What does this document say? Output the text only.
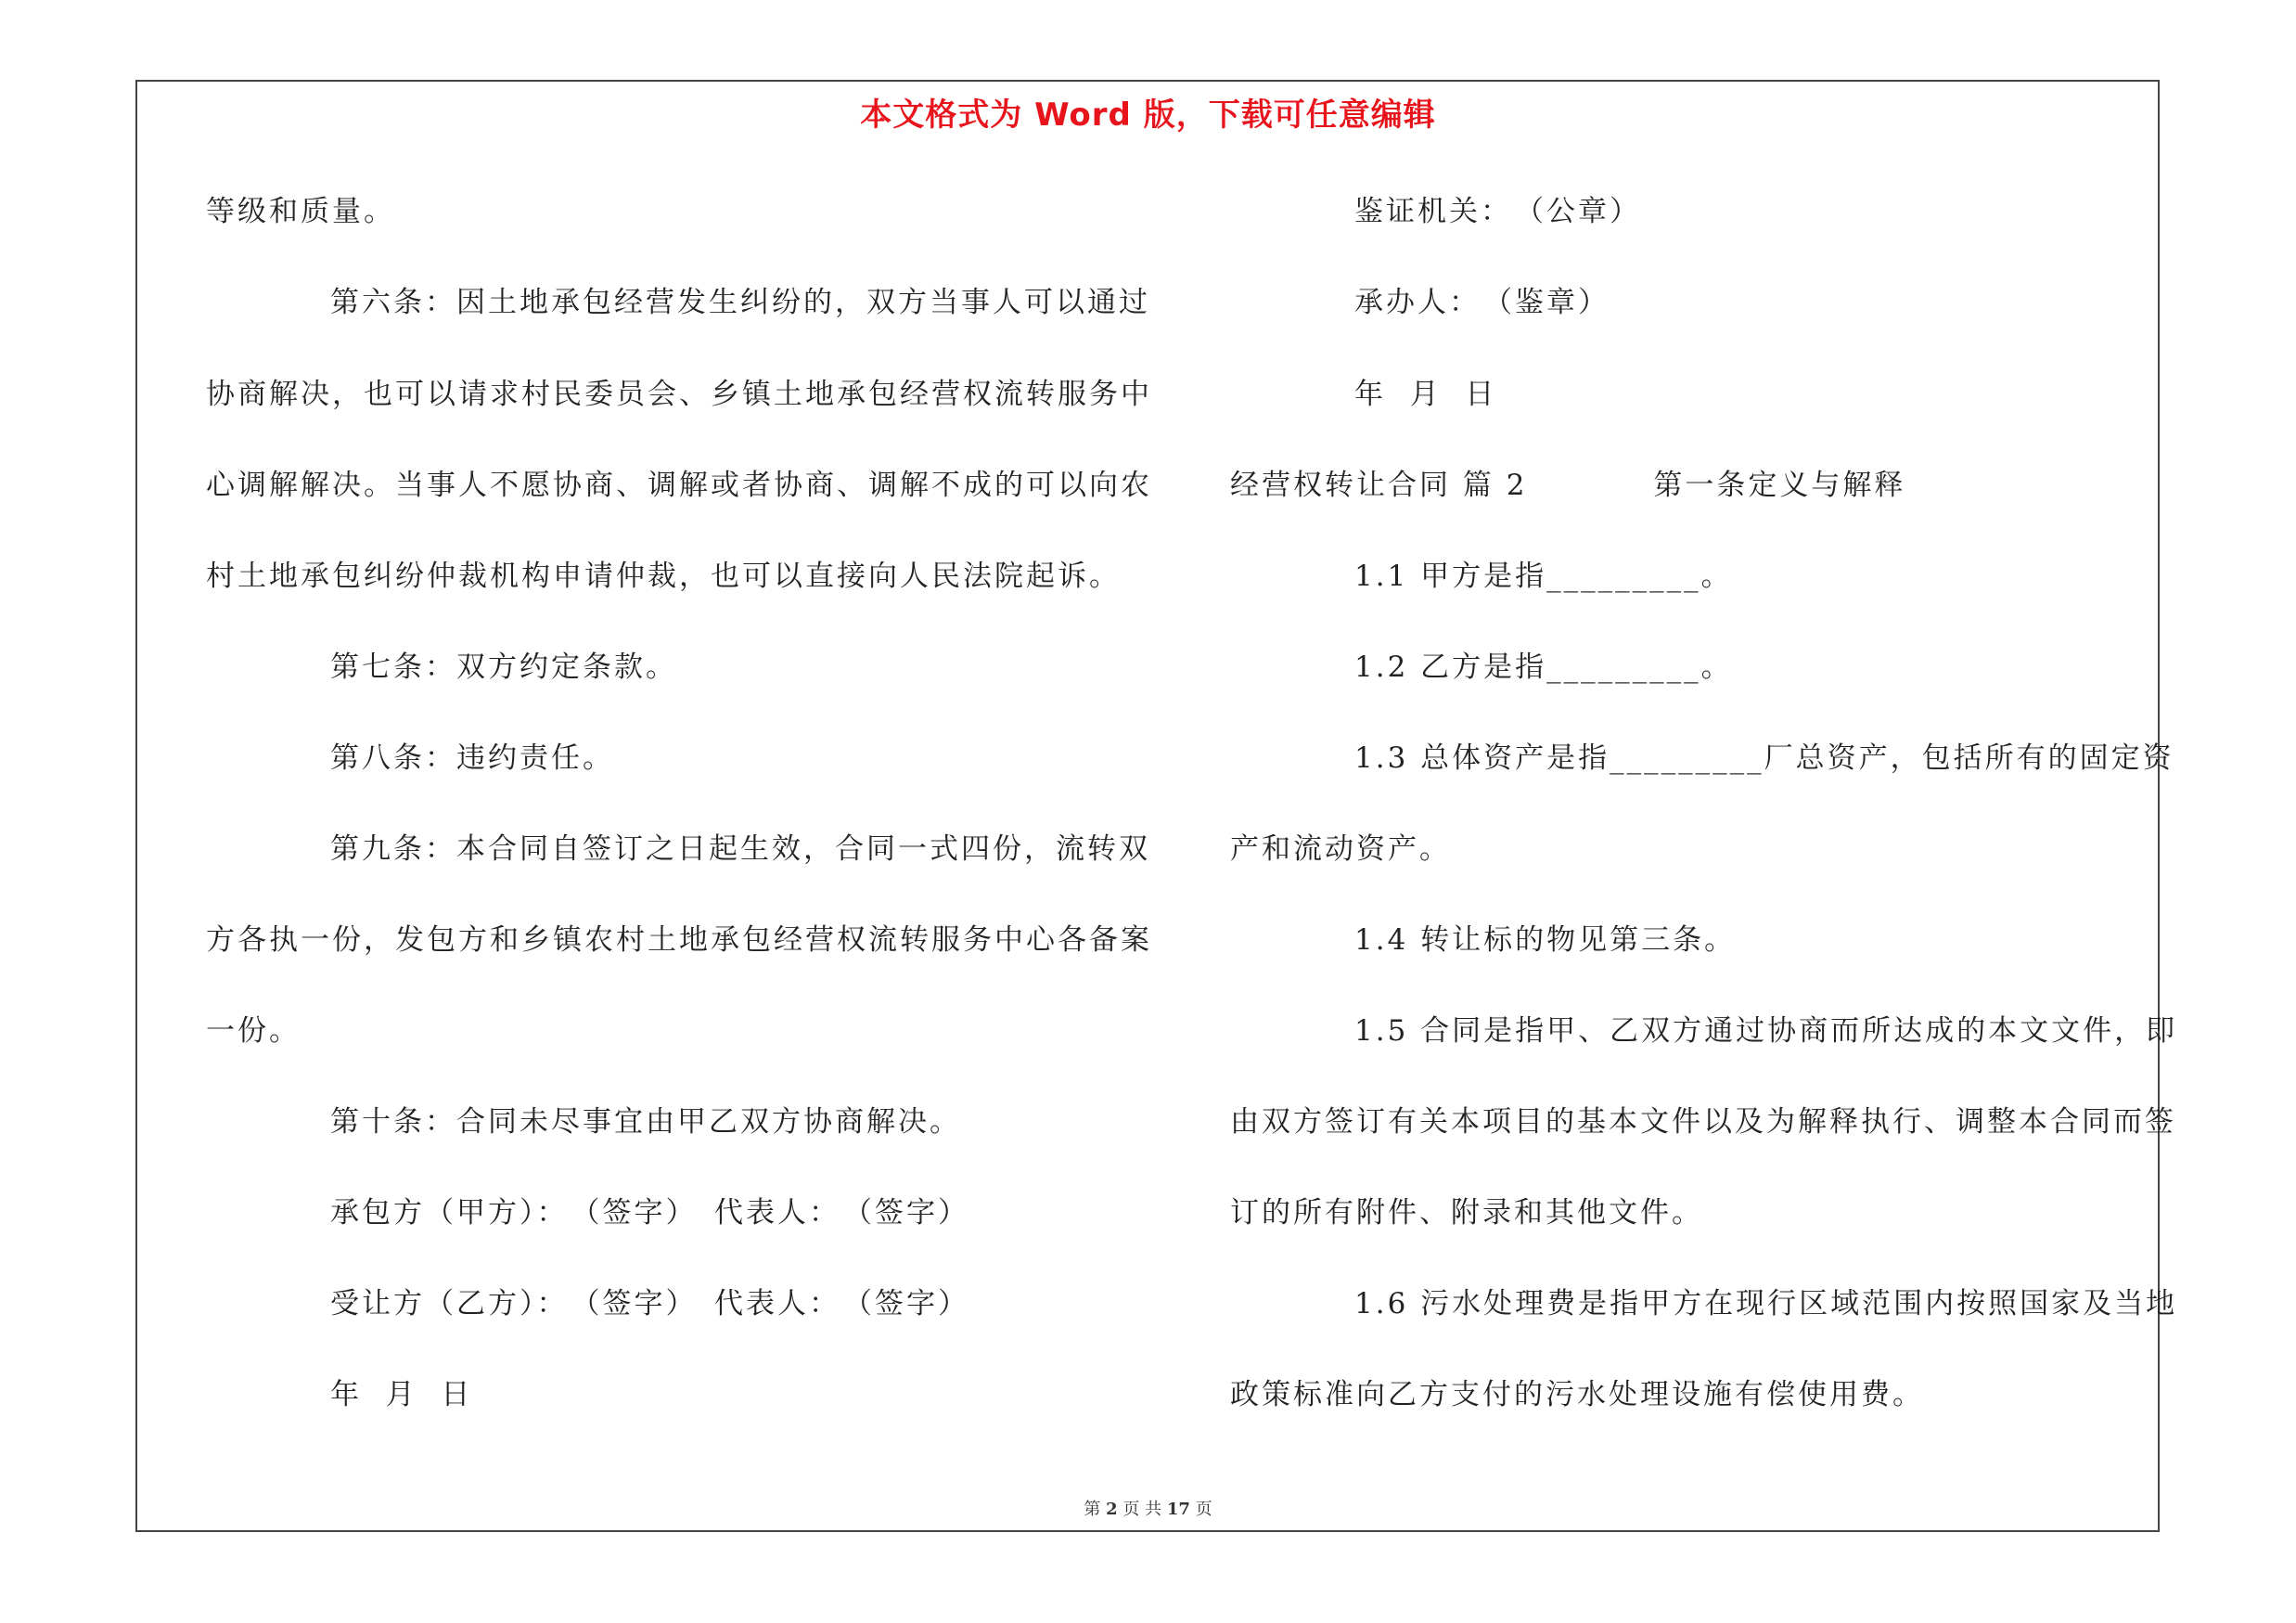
本文格式为 Word 版，下载可任意编辑
等级和质量。
第六条：因土地承包经营发生纠纷的，双方当事人可以通过
协商解决，也可以请求村民委员会、乡镇土地承包经营权流转服务中
心调解解决。当事人不愿协商、调解或者协商、调解不成的可以向农
村土地承包纠纷仲裁机构申请仲裁，也可以直接向人民法院起诉。
第七条：双方约定条款。
第八条：违约责任。
第九条：本合同自签订之日起生效，合同一式四份，流转双
方各执一份，发包方和乡镇农村土地承包经营权流转服务中心各备案
一份。
第十条：合同未尽事宜由甲乙双方协商解决。
承包方（甲方）：　（签字）　代表人：　（签字）
受让方（乙方）：　（签字）　代表人：　（签字）
年  月  日
鉴证机关：　（公章）
承办人：　（鉴章）
年  月  日
经营权转让合同 篇 2　　　　第一条定义与解释
1.1 甲方是指_________。
1.2 乙方是指_________。
1.3 总体资产是指_________厂总资产，包括所有的固定资
产和流动资产。
1.4 转让标的物见第三条。
1.5 合同是指甲、乙双方通过协商而所达成的本文文件，即
由双方签订有关本项目的基本文件以及为解释执行、调整本合同而签
订的所有附件、附录和其他文件。
1.6 污水处理费是指甲方在现行区域范围内按照国家及当地
政策标准向乙方支付的污水处理设施有偿使用费。
第 2 页 共 17 页
